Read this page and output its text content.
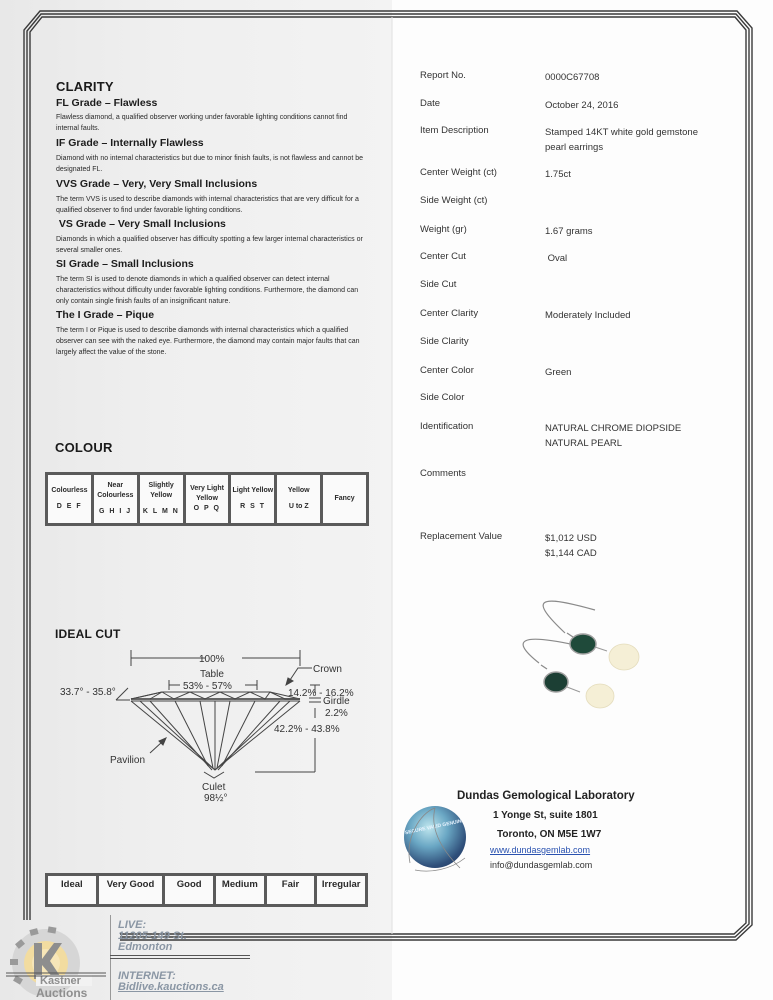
CLARITY
FL Grade – Flawless
Flawless diamond, a qualified observer working under favorable lighting conditions cannot find internal faults.
IF Grade – Internally Flawless
Diamond with no internal characteristics but due to minor finish faults, is not flawless and cannot be designated FL.
VVS Grade – Very, Very Small Inclusions
The term VVS is used to describe diamonds with internal characteristics that are very difficult for a qualified observer to find under favorable lighting conditions.
VS Grade – Very Small Inclusions
Diamonds in which a qualified observer has difficulty spotting a few larger internal characteristics or several smaller ones.
SI Grade – Small Inclusions
The term SI is used to denote diamonds in which a qualified observer can detect internal characteristics without difficulty under favorable lighting conditions. Furthermore, the diamond can only contain single finish faults of an insignificant nature.
The I Grade – Pique
The term I or Pique is used to describe diamonds with internal characteristics which a qualified observer can see with the naked eye. Furthermore, the diamond may contain major faults that can largely affect the value of the stone.
COLOUR
Colourless
D E F
Near Colourless
G H I J
Slightly Yellow
K L M N
Very Light Yellow
O P Q
Light Yellow
R S T
Yellow
U to Z
Fancy
IDEAL CUT
100%
Table
53% - 57%
Crown
33.7° - 35.8°	14.2% - 16.2%
Girdle
2.2%
42.2% - 43.8%
Pavilion
Culet
98½°
Ideal	Very Good	Good	Medium	Fair	Irregular
Report No.	0000C67708
Date	October 24, 2016
Item Description	Stamped 14KT white gold gemstone
pearl earrings
Center Weight (ct)	1.75ct
Side Weight (ct)
Weight (gr)	1.67 grams
Center Cut	Oval
Side Cut
Center Clarity	Moderately Included
Side Clarity
Center Color	Green
Side Color
Identification	NATURAL CHROME DIOPSIDE
NATURAL PEARL
Comments
Replacement Value	$1,012 USD
$1,144 CAD
SECURE VALID GENUINE
Dundas Gemological Laboratory
1 Yonge St, suite 1801
Toronto, ON M5E 1W7
www.dundasgemlab.com
info@dundasgemlab.com
Kastner
Auctions
LIVE:
11205-149 St.
Edmonton
INTERNET:
Bidlive.kauctions.ca
